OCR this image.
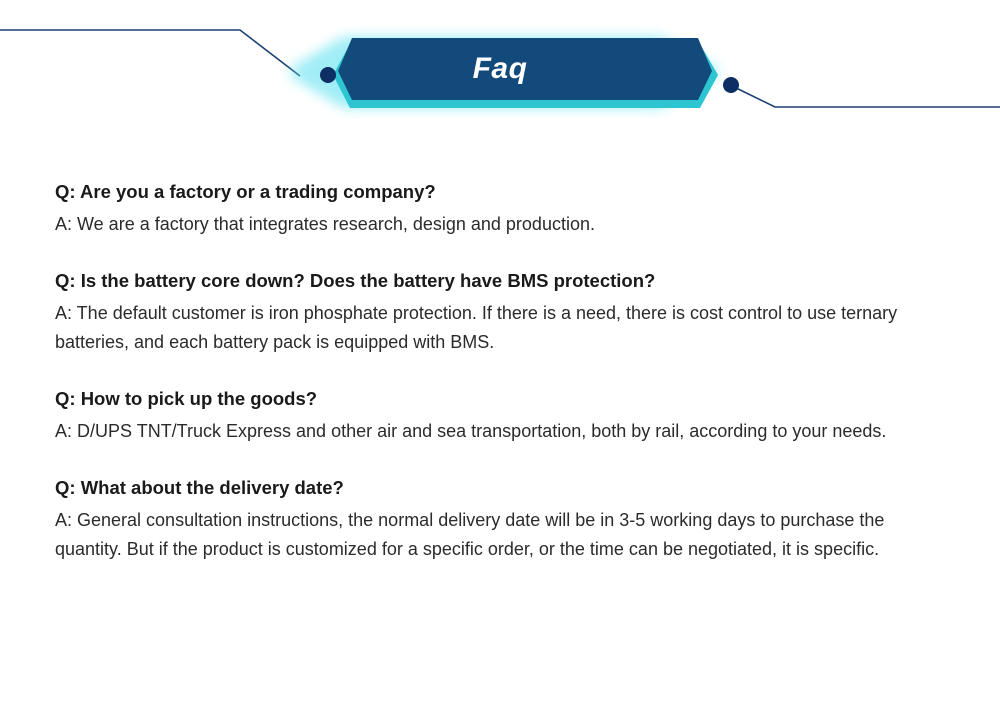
Faq

Q: Are you a factory or a trading company?

A: We are a factory that integrates research, design and production.

Q: Is the battery core down? Does the battery have BMS protection?

A: The default customer is iron phosphate protection. If there is a need, there is cost control to use ternary batteries, and each battery pack is equipped with BMS.

Q: How to pick up the goods?

A: D/UPS TNT/Truck Express and other air and sea transportation, both by rail, according to your needs.

Q: What about the delivery date?

A: General consultation instructions, the normal delivery date will be in 3-5 working days to purchase the quantity. But if the product is customized for a specific order, or the time can be negotiated, it is specific.
